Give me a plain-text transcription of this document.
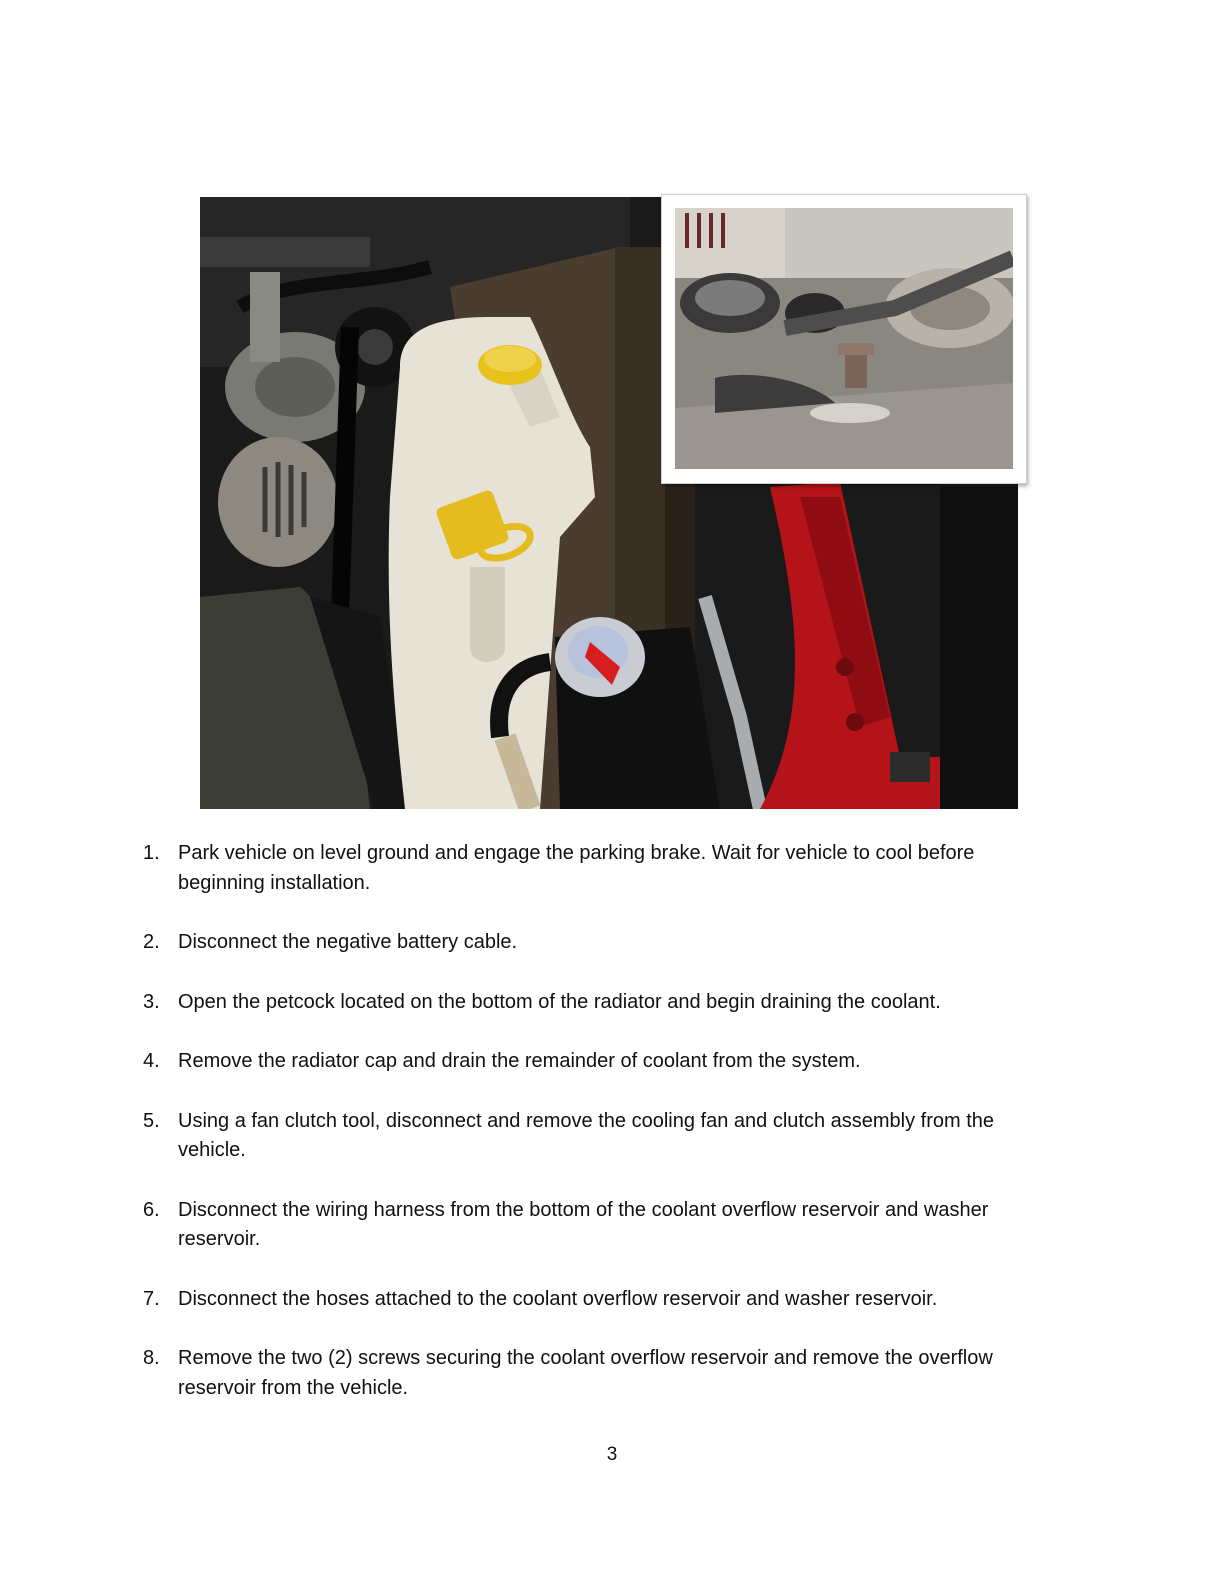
1. Park vehicle on level ground and engage the parking brake. Wait for vehicle to cool before beginning installation.
2. Disconnect the negative battery cable.
3. Open the petcock located on the bottom of the radiator and begin draining the coolant.
4. Remove the radiator cap and drain the remainder of coolant from the system.
5. Using a fan clutch tool, disconnect and remove the cooling fan and clutch assembly from the vehicle.
6. Disconnect the wiring harness from the bottom of the coolant overflow reservoir and washer reservoir.
7. Disconnect the hoses attached to the coolant overflow reservoir and washer reservoir.
8. Remove the two (2) screws securing the coolant overflow reservoir and remove the overflow reservoir from the vehicle.
3
